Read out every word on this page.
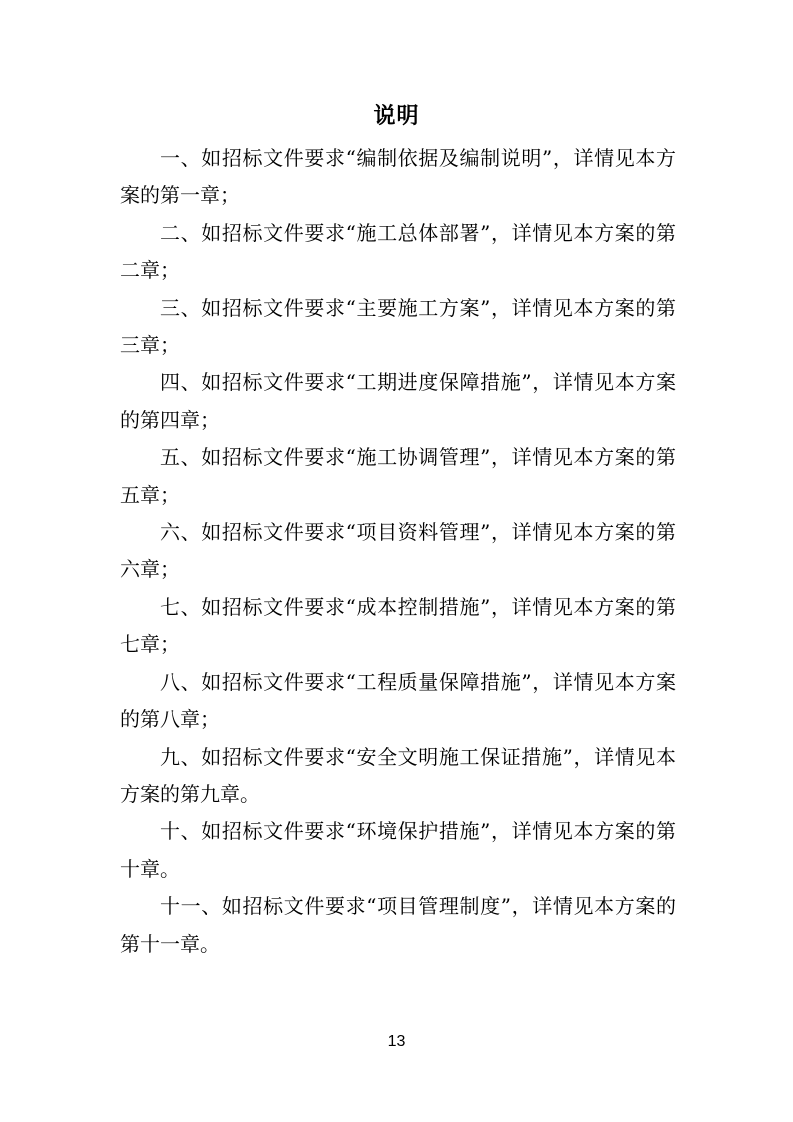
说明

一、如招标文件要求“编制依据及编制说明”，详情见本方案的第一章；

二、如招标文件要求“施工总体部署”，详情见本方案的第二章；

三、如招标文件要求“主要施工方案”，详情见本方案的第三章；

四、如招标文件要求“工期进度保障措施”，详情见本方案的第四章；

五、如招标文件要求“施工协调管理”，详情见本方案的第五章；

六、如招标文件要求“项目资料管理”，详情见本方案的第六章；

七、如招标文件要求“成本控制措施”，详情见本方案的第七章；

八、如招标文件要求“工程质量保障措施”，详情见本方案的第八章；

九、如招标文件要求“安全文明施工保证措施”，详情见本方案的第九章。

十、如招标文件要求“环境保护措施”，详情见本方案的第十章。

十一、如招标文件要求“项目管理制度”，详情见本方案的第十一章。

13
